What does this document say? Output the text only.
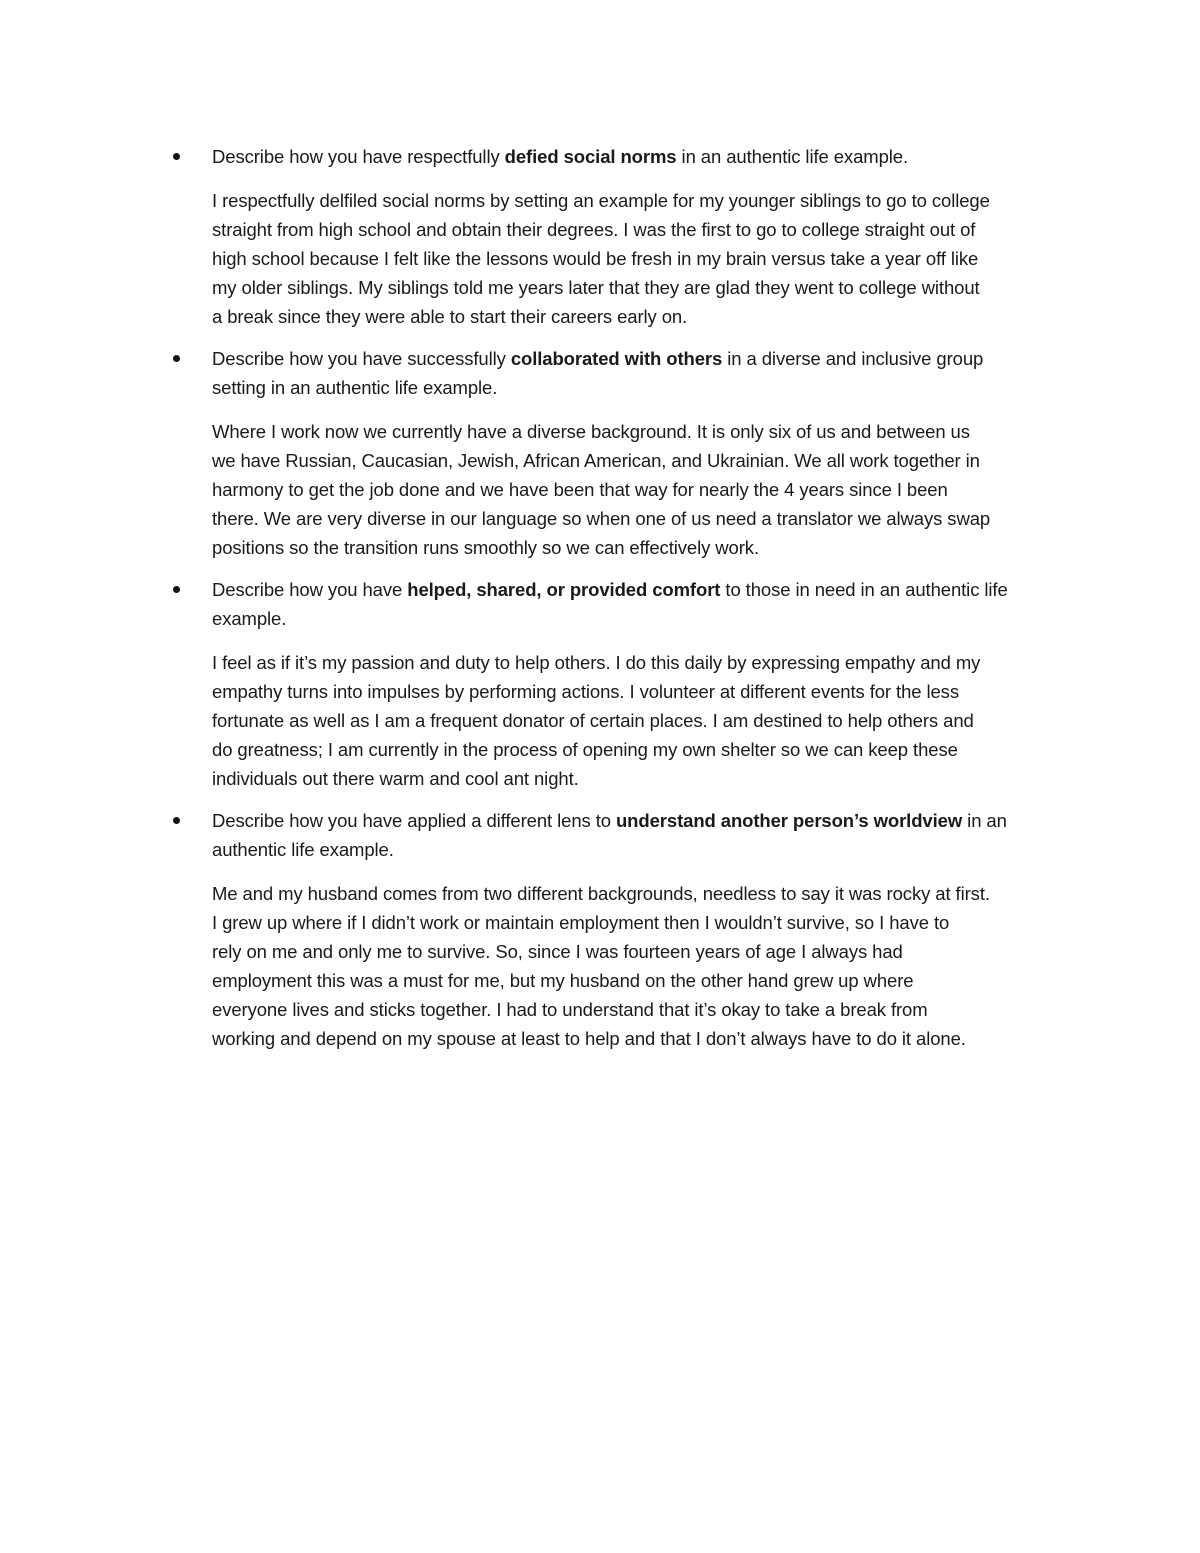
Describe how you have respectfully defied social norms in an authentic life example.

I respectfully delfiled social norms by setting an example for my younger siblings to go to college
straight from high school and obtain their degrees. I was the first to go to college straight out of
high school because I felt like the lessons would be fresh in my brain versus take a year off like
my older siblings. My siblings told me years later that they are glad they went to college without
a break since they were able to start their careers early on.

Describe how you have successfully collaborated with others in a diverse and inclusive group
setting in an authentic life example.

Where I work now we currently have a diverse background. It is only six of us and between us
we have Russian, Caucasian, Jewish, African American, and Ukrainian. We all work together in
harmony to get the job done and we have been that way for nearly the 4 years since I been
there. We are very diverse in our language so when one of us need a translator we always swap
positions so the transition runs smoothly so we can effectively work.

Describe how you have helped, shared, or provided comfort to those in need in an authentic life
example.

I feel as if it’s my passion and duty to help others. I do this daily by expressing empathy and my
empathy turns into impulses by performing actions. I volunteer at different events for the less
fortunate as well as I am a frequent donator of certain places. I am destined to help others and
do greatness; I am currently in the process of opening my own shelter so we can keep these
individuals out there warm and cool ant night.

Describe how you have applied a different lens to understand another person’s worldview in an
authentic life example.

Me and my husband comes from two different backgrounds, needless to say it was rocky at first.
I grew up where if I didn’t work or maintain employment then I wouldn’t survive, so I have to
rely on me and only me to survive. So, since I was fourteen years of age I always had
employment this was a must for me, but my husband on the other hand grew up where
everyone lives and sticks together. I had to understand that it’s okay to take a break from
working and depend on my spouse at least to help and that I don’t always have to do it alone.
